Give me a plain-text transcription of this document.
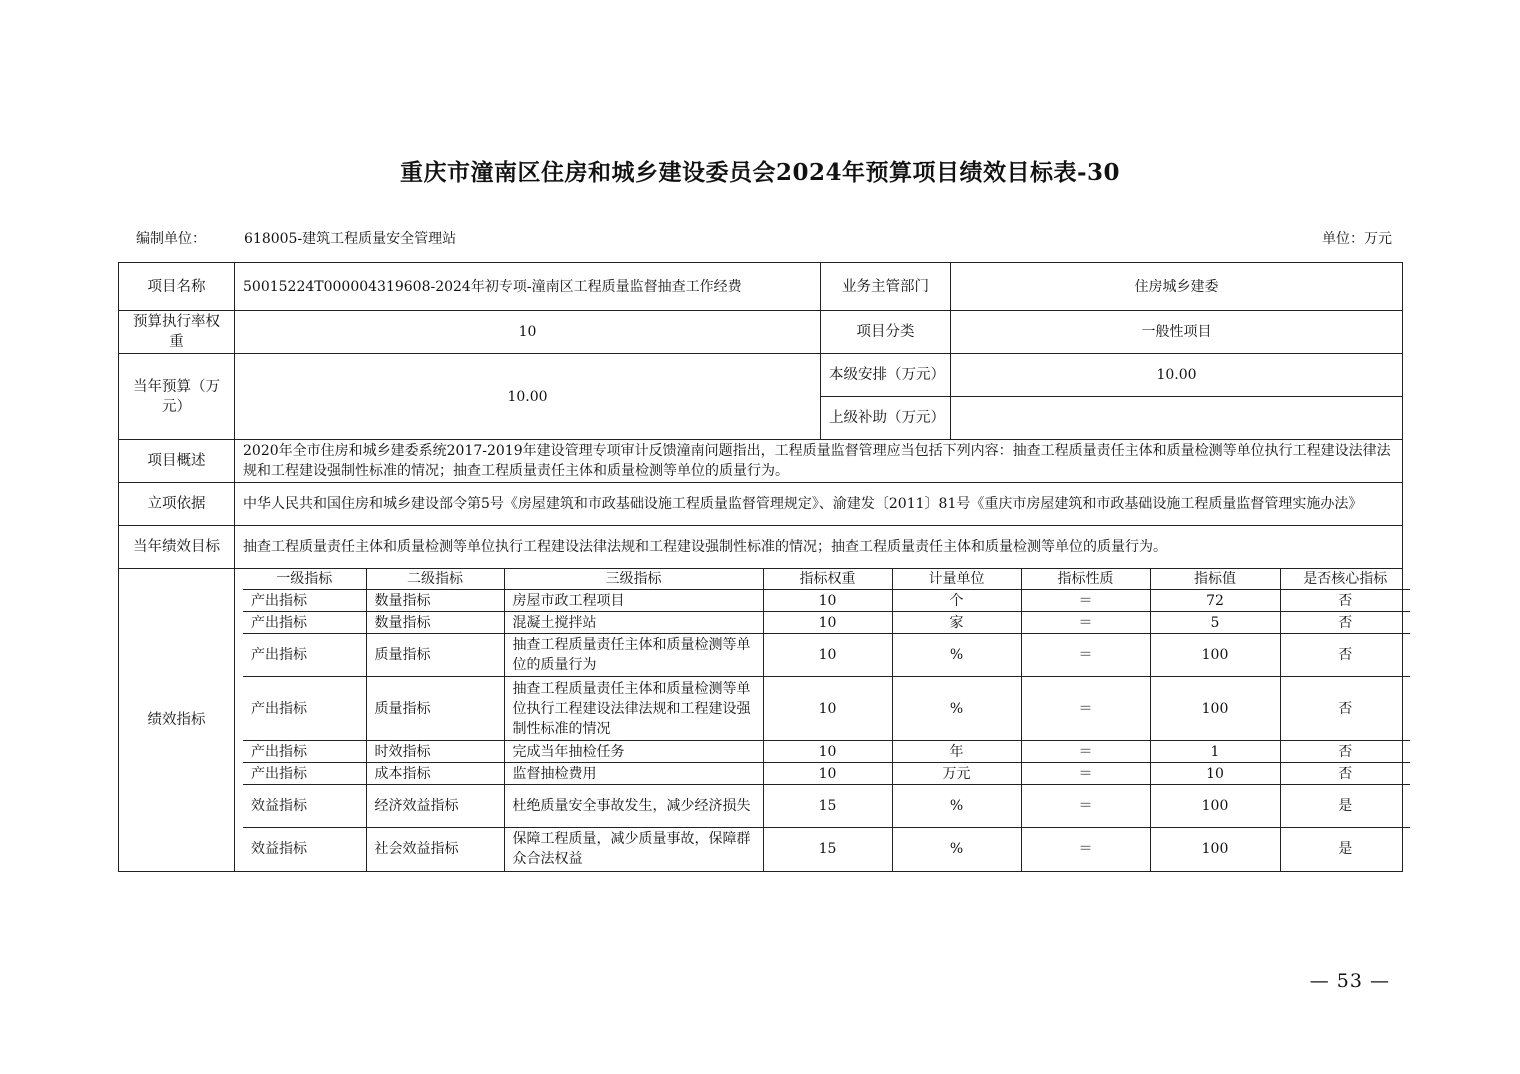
重庆市潼南区住房和城乡建设委员会2024年预算项目绩效目标表-30
编制单位：	618005-建筑工程质量安全管理站	单位：万元
项目名称	50015224T000004319608-2024年初专项-潼南区工程质量监督抽查工作经费	业务主管部门	住房城乡建委
预算执行率权重	10	项目分类	一般性项目
当年预算（万元）	10.00	本级安排（万元）	10.00
上级补助（万元）	
项目概述	2020年全市住房和城乡建委系统2017-2019年建设管理专项审计反馈潼南问题指出，工程质量监督管理应当包括下列内容：抽查工程质量责任主体和质量检测等单位执行工程建设法律法规和工程建设强制性标准的情况；抽查工程质量责任主体和质量检测等单位的质量行为。
立项依据	中华人民共和国住房和城乡建设部令第5号《房屋建筑和市政基础设施工程质量监督管理规定》、渝建发〔2011〕81号《重庆市房屋建筑和市政基础设施工程质量监督管理实施办法》
当年绩效目标	抽查工程质量责任主体和质量检测等单位执行工程建设法律法规和工程建设强制性标准的情况；抽查工程质量责任主体和质量检测等单位的质量行为。
绩效指标	
一级指标	二级指标	三级指标	指标权重	计量单位	指标性质	指标值	是否核心指标
产出指标	数量指标	房屋市政工程项目	10	个	＝	72	否
产出指标	数量指标	混凝土搅拌站	10	家	＝	5	否
产出指标	质量指标	抽查工程质量责任主体和质量检测等单位的质量行为	10	%	＝	100	否
产出指标	质量指标	抽查工程质量责任主体和质量检测等单位执行工程建设法律法规和工程建设强制性标准的情况	10	%	＝	100	否
产出指标	时效指标	完成当年抽检任务	10	年	＝	1	否
产出指标	成本指标	监督抽检费用	10	万元	＝	10	否
效益指标	经济效益指标	杜绝质量安全事故发生，减少经济损失	15	%	＝	100	是
效益指标	社会效益指标	保障工程质量，减少质量事故，保障群众合法权益	15	%	＝	100	是
— 53 —
